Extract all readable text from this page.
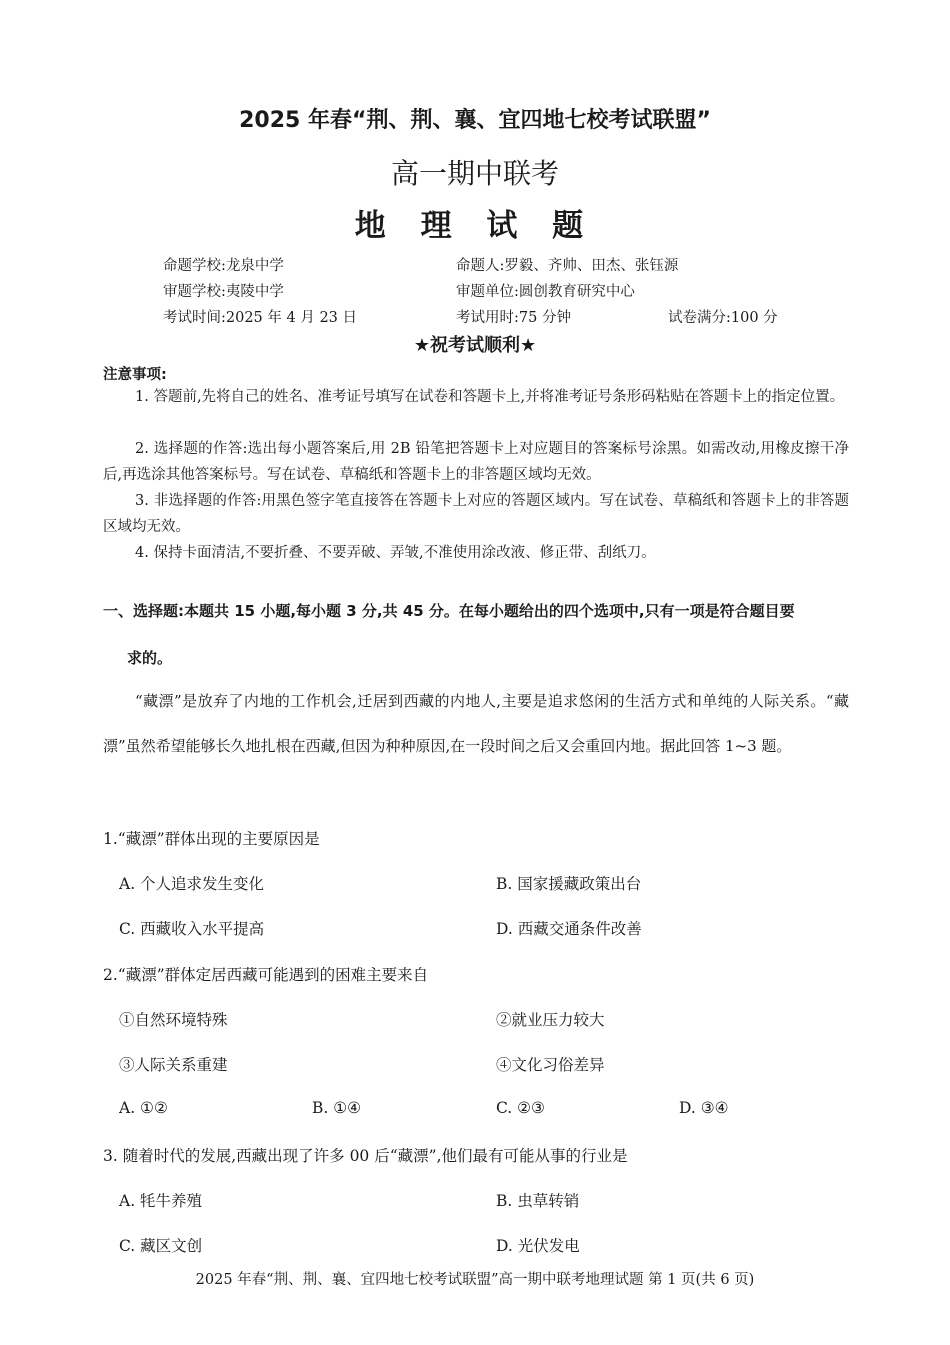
2025 年春“荆、荆、襄、宜四地七校考试联盟”
高一期中联考
地 理 试 题
命题学校:龙泉中学	命题人:罗毅、齐帅、田杰、张钰源
审题学校:夷陵中学	审题单位:圆创教育研究中心
考试时间:2025 年 4 月 23 日	考试用时:75 分钟	试卷满分:100 分
★祝考试顺利★
注意事项:
1. 答题前,先将自己的姓名、准考证号填写在试卷和答题卡上,并将准考证号条形码粘贴在答题卡上的指定位置。
2. 选择题的作答:选出每小题答案后,用 2B 铅笔把答题卡上对应题目的答案标号涂黑。如需改动,用橡皮擦干净后,再选涂其他答案标号。写在试卷、草稿纸和答题卡上的非答题区域均无效。
3. 非选择题的作答:用黑色签字笔直接答在答题卡上对应的答题区域内。写在试卷、草稿纸和答题卡上的非答题区域均无效。
4. 保持卡面清洁,不要折叠、不要弄破、弄皱,不准使用涂改液、修正带、刮纸刀。
一、选择题:本题共 15 小题,每小题 3 分,共 45 分。在每小题给出的四个选项中,只有一项是符合题目要
求的。
“藏漂”是放弃了内地的工作机会,迁居到西藏的内地人,主要是追求悠闲的生活方式和单纯的人际关系。“藏漂”虽然希望能够长久地扎根在西藏,但因为种种原因,在一段时间之后又会重回内地。据此回答 1~3 题。
1.“藏漂”群体出现的主要原因是
A. 个人追求发生变化	B. 国家援藏政策出台
C. 西藏收入水平提高	D. 西藏交通条件改善
2.“藏漂”群体定居西藏可能遇到的困难主要来自
①自然环境特殊	②就业压力较大
③人际关系重建	④文化习俗差异
A. ①②	B. ①④	C. ②③	D. ③④
3. 随着时代的发展,西藏出现了许多 00 后“藏漂”,他们最有可能从事的行业是
A. 牦牛养殖	B. 虫草转销
C. 藏区文创	D. 光伏发电
2025 年春“荆、荆、襄、宜四地七校考试联盟”高一期中联考地理试题 第 1 页(共 6 页)
